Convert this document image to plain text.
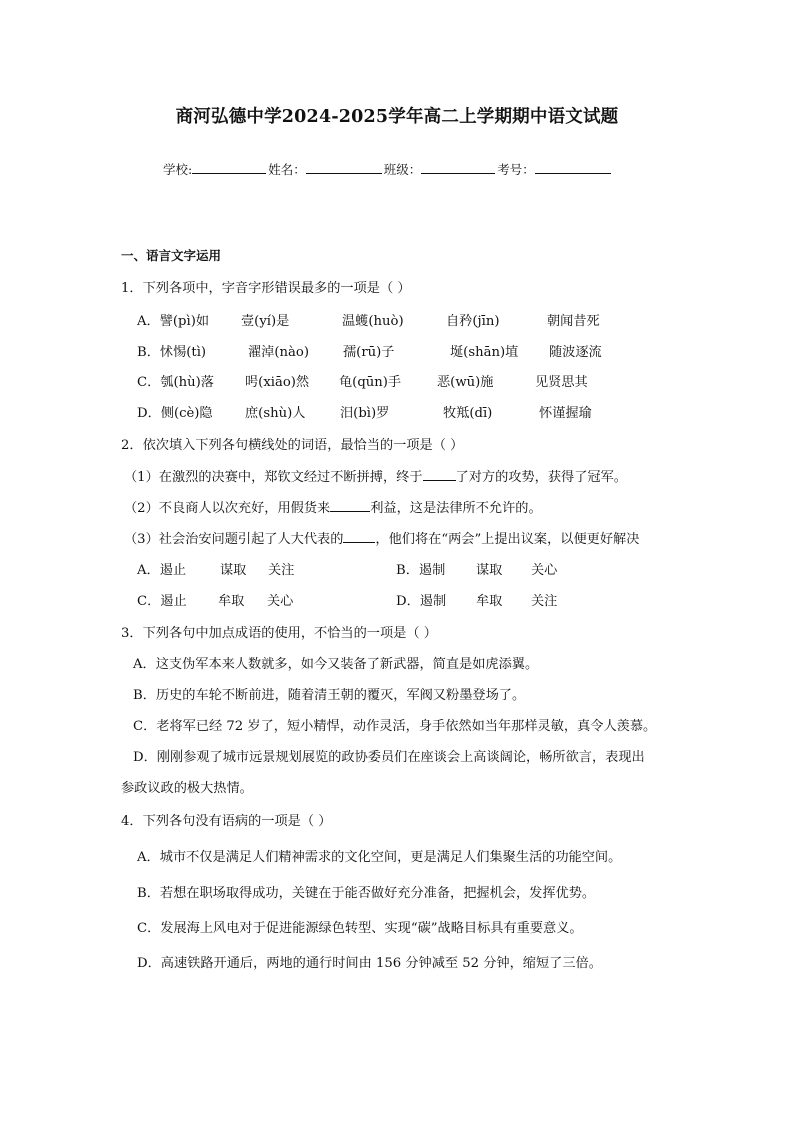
商河弘德中学2024-2025学年高二上学期期中语文试题
学校:	姓名：	班级：	考号：
一、语言文字运用
1．下列各项中，字音字形错误最多的一项是（ ）
A．譬(pì)如 壹(yí)是	温蠖(huò)	自矜(jīn)	朝闻昔死
B．怵惕(tì)	濯淖(nào)	孺(rū)子	埏(shān)埴 随波逐流
C．瓠(hù)落 呺(xiāo)然 龟(qūn)手	恶(wū)施	见贤思其
D．侧(cè)隐 庶(shù)人	汨(bì)罗	牧羝(dī)	怀谨握瑜
2．依次填入下列各句横线处的词语，最恰当的一项是（ ）
（1）在激烈的决赛中，郑钦文经过不断拼搏，终于	了对方的攻势，获得了冠军。
（2）不良商人以次充好，用假货来	利益，这是法律所不允许的。
（3）社会治安问题引起了人大代表的 ，他们将在“两会”上提出议案，以便更好解决
A．遏止	谋取 关注	B．遏制 谋取 关心
C．遏止 牟取 关心	D．遏制 牟取 关注
3．下列各句中加点成语的使用，不恰当的一项是（ ）
A．这支伪军本来人数就多，如今又装备了新武器，简直是如虎添翼。
B．历史的车轮不断前进，随着清王朝的覆灭，军阀又粉墨登场了。
C．老将军已经 72 岁了，短小精悍，动作灵活，身手依然如当年那样灵敏，真令人羡慕。
D．刚刚参观了城市远景规划展览的政协委员们在座谈会上高谈阔论，畅所欲言，表现出
参政议政的极大热情。
4．下列各句没有语病的一项是（ ）
A．城市不仅是满足人们精神需求的文化空间，更是满足人们集聚生活的功能空间。
B．若想在职场取得成功，关键在于能否做好充分准备，把握机会，发挥优势。
C．发展海上风电对于促进能源绿色转型、实现“碳”战略目标具有重要意义。
D．高速铁路开通后，两地的通行时间由 156 分钟减至 52 分钟，缩短了三倍。
